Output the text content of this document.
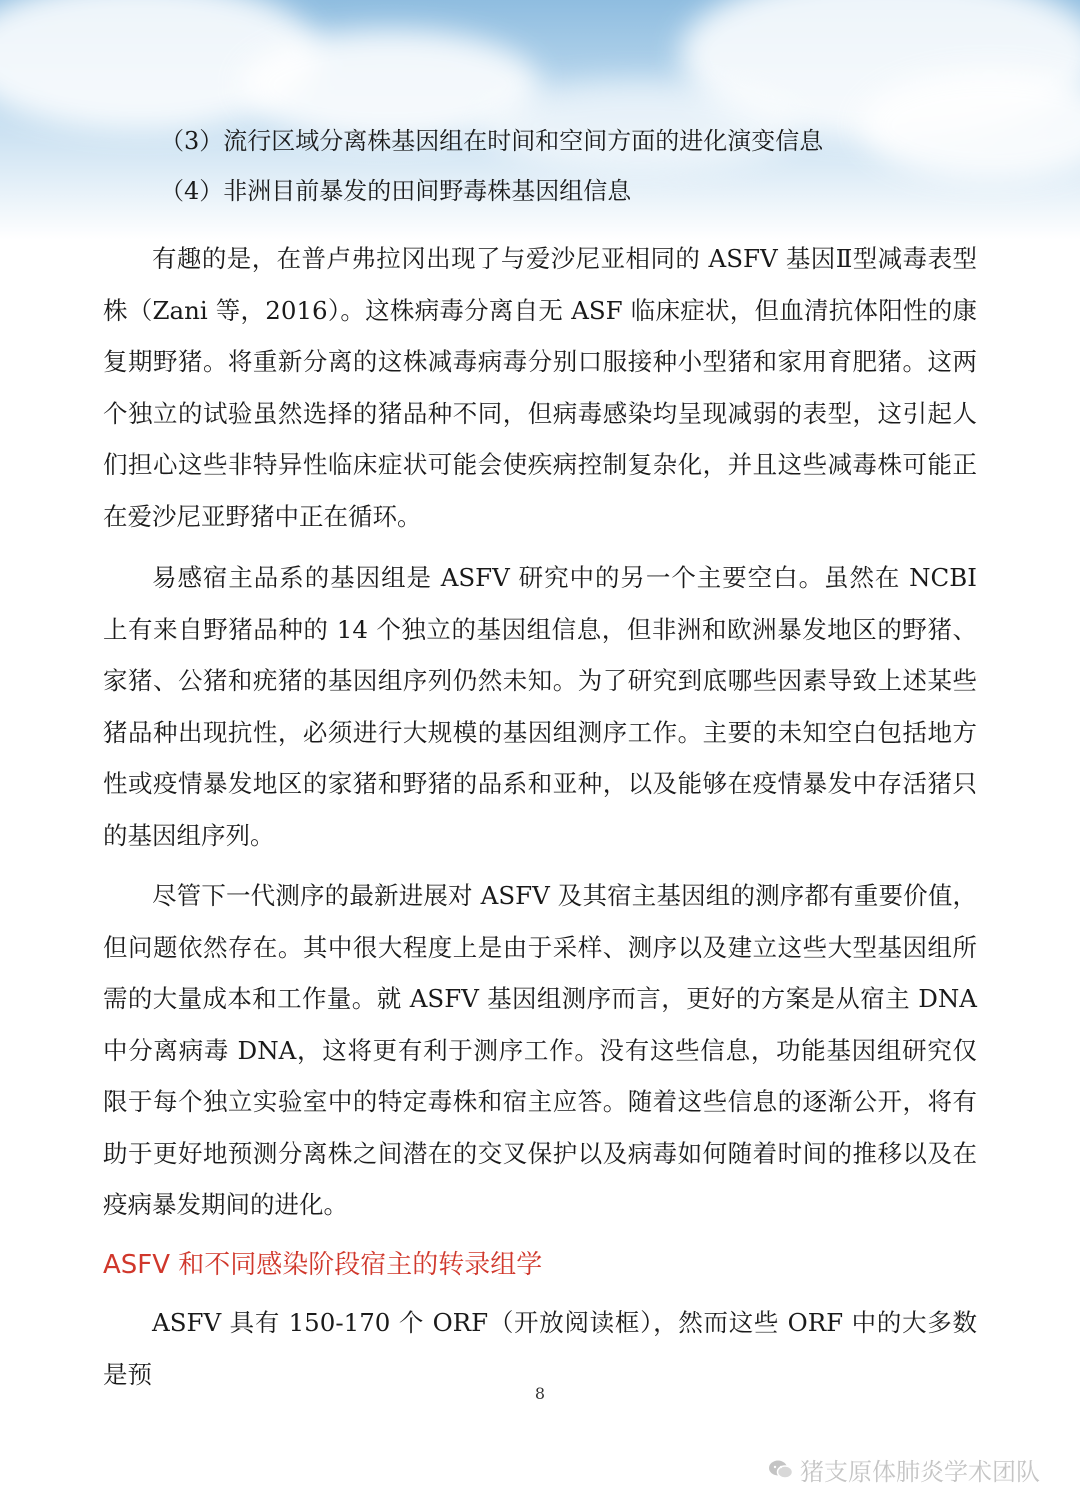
（3）流行区域分离株基因组在时间和空间方面的进化演变信息
（4）非洲目前暴发的田间野毒株基因组信息

有趣的是，在普卢弗拉冈出现了与爱沙尼亚相同的 ASFV 基因Ⅱ型减毒表型株（Zani 等，2016）。这株病毒分离自无 ASF 临床症状，但血清抗体阳性的康复期野猪。将重新分离的这株减毒病毒分别口服接种小型猪和家用育肥猪。这两个独立的试验虽然选择的猪品种不同，但病毒感染均呈现减弱的表型，这引起人们担心这些非特异性临床症状可能会使疾病控制复杂化，并且这些减毒株可能正在爱沙尼亚野猪中正在循环。

易感宿主品系的基因组是 ASFV 研究中的另一个主要空白。虽然在 NCBI 上有来自野猪品种的 14 个独立的基因组信息，但非洲和欧洲暴发地区的野猪、家猪、公猪和疣猪的基因组序列仍然未知。为了研究到底哪些因素导致上述某些猪品种出现抗性，必须进行大规模的基因组测序工作。主要的未知空白包括地方性或疫情暴发地区的家猪和野猪的品系和亚种，以及能够在疫情暴发中存活猪只的基因组序列。

尽管下一代测序的最新进展对 ASFV 及其宿主基因组的测序都有重要价值，但问题依然存在。其中很大程度上是由于采样、测序以及建立这些大型基因组所需的大量成本和工作量。就 ASFV 基因组测序而言，更好的方案是从宿主 DNA 中分离病毒 DNA，这将更有利于测序工作。没有这些信息，功能基因组研究仅限于每个独立实验室中的特定毒株和宿主应答。随着这些信息的逐渐公开，将有助于更好地预测分离株之间潜在的交叉保护以及病毒如何随着时间的推移以及在疫病暴发期间的进化。

ASFV 和不同感染阶段宿主的转录组学

ASFV 具有 150-170 个 ORF（开放阅读框），然而这些 ORF 中的大多数是预

8
猪支原体肺炎学术团队
